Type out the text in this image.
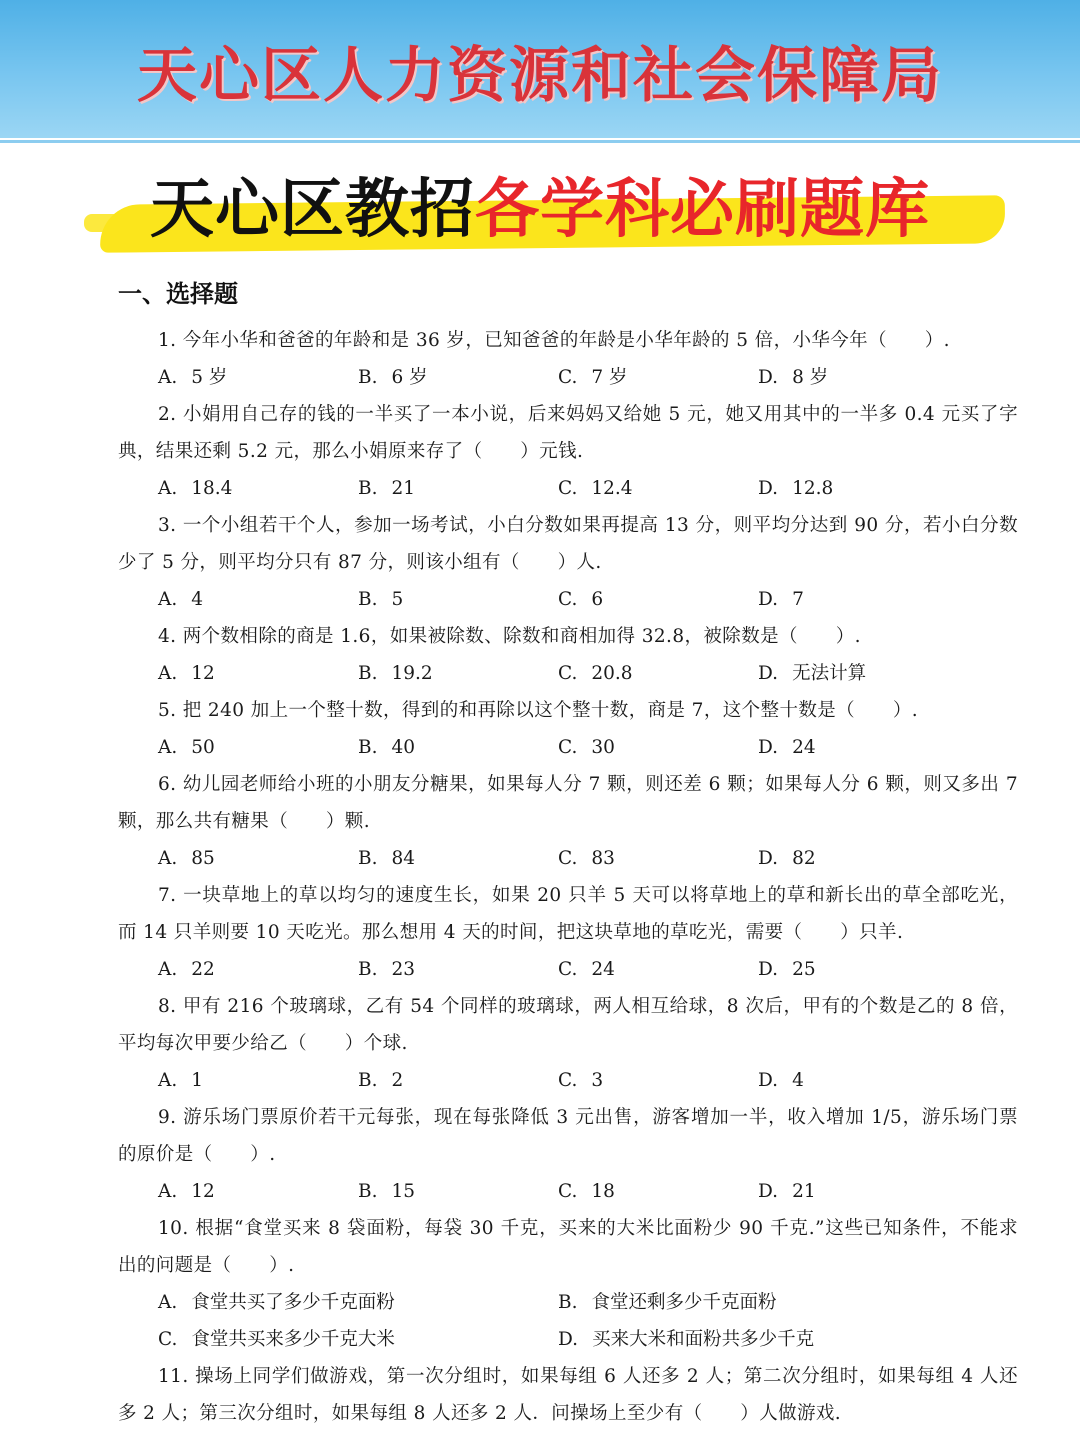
天心区人力资源和社会保障局
天心区教招各学科必刷题库
一、选择题
1. 今年小华和爸爸的年龄和是 36 岁，已知爸爸的年龄是小华年龄的 5 倍，小华今年（　　）.
A. 5 岁	B. 6 岁	C. 7 岁	D. 8 岁
2. 小娟用自己存的钱的一半买了一本小说，后来妈妈又给她 5 元，她又用其中的一半多 0.4 元买了字典，结果还剩 5.2 元，那么小娟原来存了（　　）元钱.
A. 18.4	B. 21	C. 12.4	D. 12.8
3. 一个小组若干个人，参加一场考试，小白分数如果再提高 13 分，则平均分达到 90 分，若小白分数少了 5 分，则平均分只有 87 分，则该小组有（　　）人.
A. 4	B. 5	C. 6	D. 7
4. 两个数相除的商是 1.6，如果被除数、除数和商相加得 32.8，被除数是（　　）.
A. 12	B. 19.2	C. 20.8	D. 无法计算
5. 把 240 加上一个整十数，得到的和再除以这个整十数，商是 7，这个整十数是（　　）.
A. 50	B. 40	C. 30	D. 24
6. 幼儿园老师给小班的小朋友分糖果，如果每人分 7 颗，则还差 6 颗；如果每人分 6 颗，则又多出 7 颗，那么共有糖果（　　）颗.
A. 85	B. 84	C. 83	D. 82
7. 一块草地上的草以均匀的速度生长，如果 20 只羊 5 天可以将草地上的草和新长出的草全部吃光，而 14 只羊则要 10 天吃光。那么想用 4 天的时间，把这块草地的草吃光，需要（　　）只羊.
A. 22	B. 23	C. 24	D. 25
8. 甲有 216 个玻璃球，乙有 54 个同样的玻璃球，两人相互给球，8 次后，甲有的个数是乙的 8 倍，平均每次甲要少给乙（　　）个球.
A. 1	B. 2	C. 3	D. 4
9. 游乐场门票原价若干元每张，现在每张降低 3 元出售，游客增加一半，收入增加 1/5，游乐场门票的原价是（　　）.
A. 12	B. 15	C. 18	D. 21
10. 根据“食堂买来 8 袋面粉，每袋 30 千克，买来的大米比面粉少 90 千克.”这些已知条件，不能求出的问题是（　　）.
A. 食堂共买了多少千克面粉	B. 食堂还剩多少千克面粉
C. 食堂共买来多少千克大米	D. 买来大米和面粉共多少千克
11. 操场上同学们做游戏，第一次分组时，如果每组 6 人还多 2 人；第二次分组时，如果每组 4 人还多 2 人；第三次分组时，如果每组 8 人还多 2 人．问操场上至少有（　　）人做游戏.
